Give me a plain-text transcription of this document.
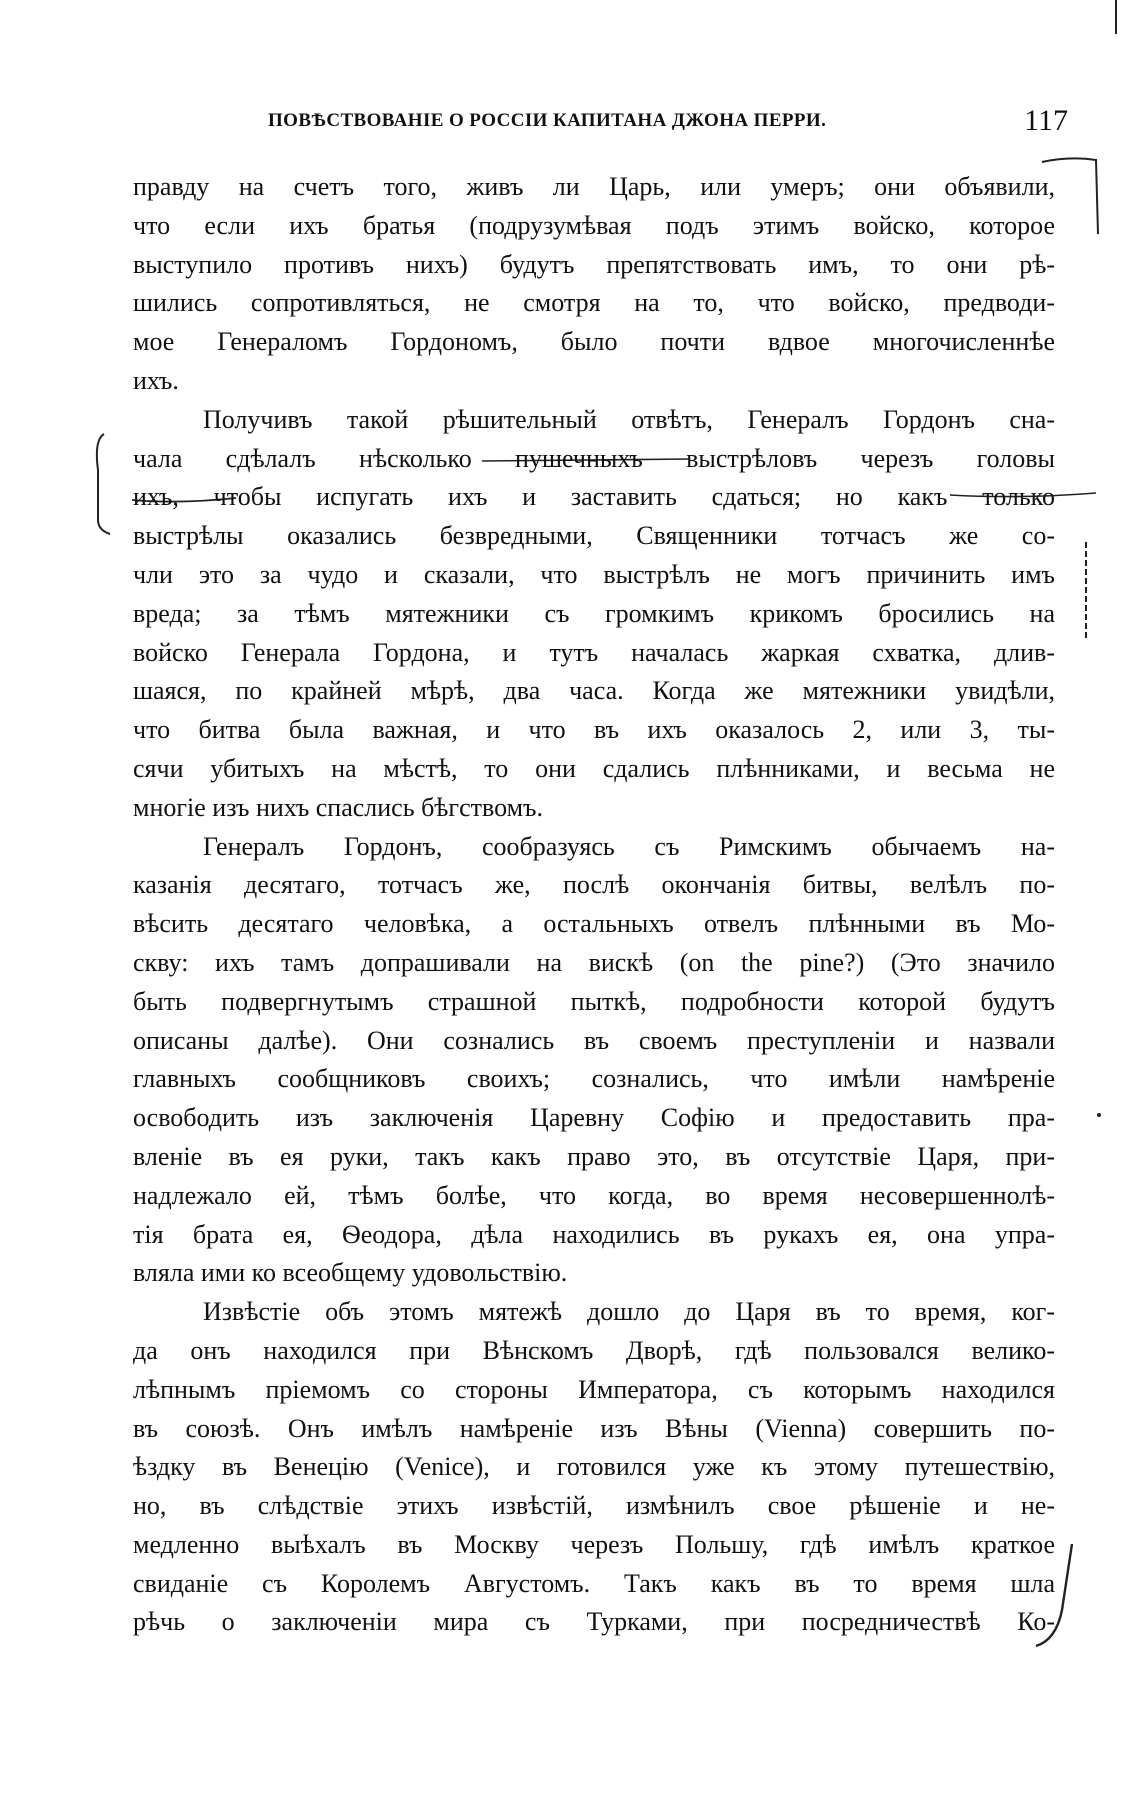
ПОВѢСТВОВАНІЕ О РОССІИ КАПИТАНА ДЖОНА ПЕРРИ.	117
правду на счетъ того, живъ ли Царь, или умеръ; они объявили,
что если ихъ братья (подрузумѣвая подъ этимъ войско, которое
выступило противъ нихъ) будутъ препятствовать имъ, то они рѣ-
шились сопротивляться, не смотря на то, что войско, предводи-
мое Генераломъ Гордономъ, было почти вдвое многочисленнѣе
ихъ.
Получивъ такой рѣшительный отвѣтъ, Генералъ Гордонъ сна-
чала сдѣлалъ нѣсколько пушечныхъ выстрѣловъ черезъ головы
ихъ, чтобы испугать ихъ и заставить сдаться; но какъ только
выстрѣлы оказались безвредными, Священники тотчасъ же со-
чли это за чудо и сказали, что выстрѣлъ не могъ причинить имъ
вреда; за тѣмъ мятежники съ громкимъ крикомъ бросились на
войско Генерала Гордона, и тутъ началась жаркая схватка, длив-
шаяся, по крайней мѣрѣ, два часа. Когда же мятежники увидѣли,
что битва была важная, и что въ ихъ оказалось 2, или 3, ты-
сячи убитыхъ на мѣстѣ, то они сдались плѣнниками, и весьма не
многіе изъ нихъ спаслись бѣгствомъ.
Генералъ Гордонъ, сообразуясь съ Римскимъ обычаемъ на-
казанія десятаго, тотчасъ же, послѣ окончанія битвы, велѣлъ по-
вѣсить десятаго человѣка, а остальныхъ отвелъ плѣнными въ Мо-
скву: ихъ тамъ допрашивали на вискѣ (on the pine?) (Это значило
быть подвергнутымъ страшной пыткѣ, подробности которой будутъ
описаны далѣе). Они сознались въ своемъ преступленіи и назвали
главныхъ сообщниковъ своихъ; сознались, что имѣли намѣреніе
освободить изъ заключенія Царевну Софію и предоставить пра-
вленіе въ ея руки, такъ какъ право это, въ отсутствіе Царя, при-
надлежало ей, тѣмъ болѣе, что когда, во время несовершеннолѣ-
тія брата ея, Ѳеодора, дѣла находились въ рукахъ ея, она упра-
вляла ими ко всеобщему удовольствію.
Извѣстіе объ этомъ мятежѣ дошло до Царя въ то время, ког-
да онъ находился при Вѣнскомъ Дворѣ, гдѣ пользовался велико-
лѣпнымъ пріемомъ со стороны Императора, съ которымъ находился
въ союзѣ. Онъ имѣлъ намѣреніе изъ Вѣны (Vienna) совершить по-
ѣздку въ Венецію (Venice), и готовился уже къ этому путешествію,
но, въ слѣдствіе этихъ извѣстій, измѣнилъ свое рѣшеніе и не-
медленно выѣхалъ въ Москву черезъ Польшу, гдѣ имѣлъ краткое
свиданіе съ Королемъ Августомъ. Такъ какъ въ то время шла
рѣчь о заключеніи мира съ Турками, при посредничествѣ Ко-
